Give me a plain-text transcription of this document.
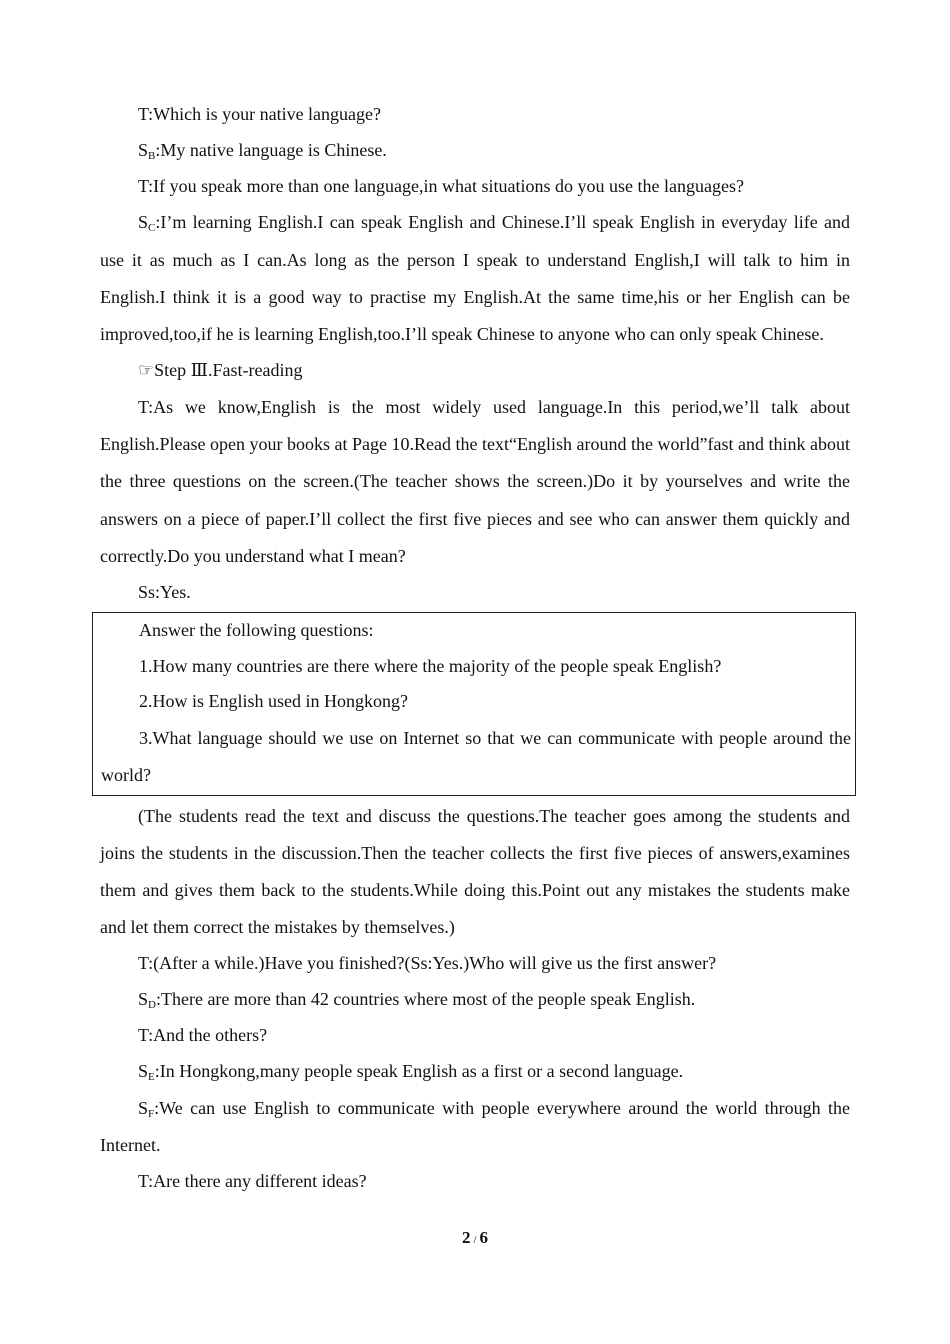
T:Which is your native language?

$S_B:My$ native language is Chinese.

T:If you speak more than one language,in what situations do you use the languages?

$S_C:I’m$ learning English.I can speak English and Chinese.I’ll speak English in everyday life and use it as much as I can.As long as the person I speak to understand English,I will talk to him in English.I think it is a good way to practise my English.At the same time,his or her English can be improved,too,if he is learning English,too.I’ll speak Chinese to anyone who can only speak Chinese.

☞Step Ⅲ.Fast-reading

T:As we know,English is the most widely used language.In this period,we’ll talk about English.Please open your books at Page 10.Read the text“English around the world”fast and think about the three questions on the screen.(The teacher shows the screen.)Do it by yourselves and write the answers on a piece of paper.I’ll collect the first five pieces and see who can answer them quickly and correctly.Do you understand what I mean?

Ss:Yes.

Answer the following questions:

1.How many countries are there where the majority of the people speak English?

2.How is English used in Hongkong?

3.What language should we use on Internet so that we can communicate with people around the world?

(The students read the text and discuss the questions.The teacher goes among the students and joins the students in the discussion.Then the teacher collects the first five pieces of answers,examines them and gives them back to the students.While doing this.Point out any mistakes the students make and let them correct the mistakes by themselves.)

T:(After a while.)Have you finished?(Ss:Yes.)Who will give us the first answer?

$S_D:There$ are more than 42 countries where most of the people speak English.

T:And the others?

$S_E:In$ Hongkong,many people speak English as a first or a second language.

$S_F:We$ can use English to communicate with people everywhere around the world through the Internet.

T:Are there any different ideas?

2 / 6
